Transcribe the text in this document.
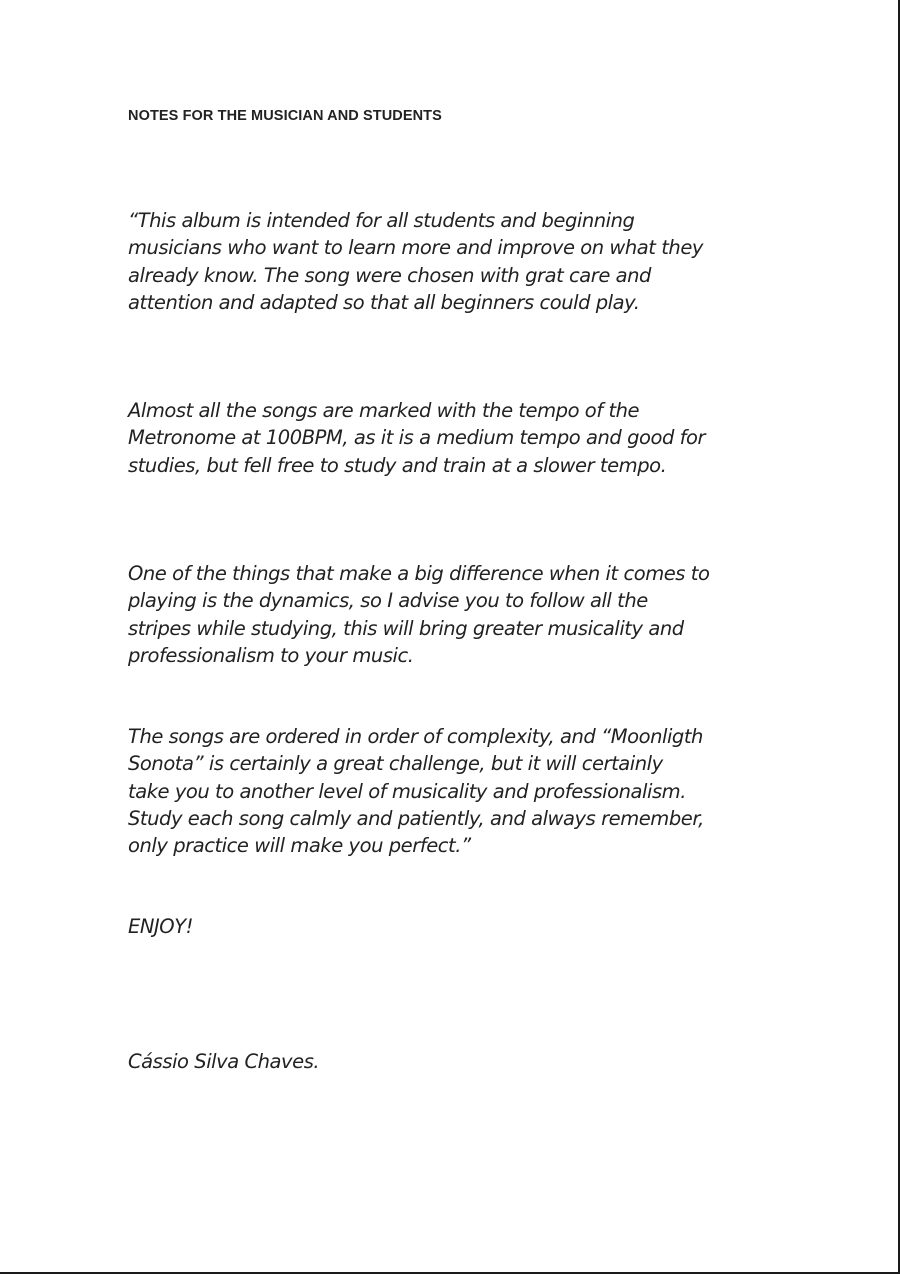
NOTES FOR THE MUSICIAN AND STUDENTS
“This album is intended for all students and beginning
musicians who want to learn more and improve on what they
already know. The song were chosen with grat care and
attention and adapted so that all beginners could play.
Almost all the songs are marked with the tempo of the
Metronome at 100BPM, as it is a medium tempo and good for
studies, but fell free to study and train at a slower tempo.
One of the things that make a big difference when it comes to
playing is the dynamics, so I advise you to follow all the
stripes while studying, this will bring greater musicality and
professionalism to your music.
The songs are ordered in order of complexity, and “Moonligth
Sonota” is certainly a great challenge, but it will certainly
take you to another level of musicality and professionalism.
Study each song calmly and patiently, and always remember,
only practice will make you perfect.”
ENJOY!
Cássio Silva Chaves.
